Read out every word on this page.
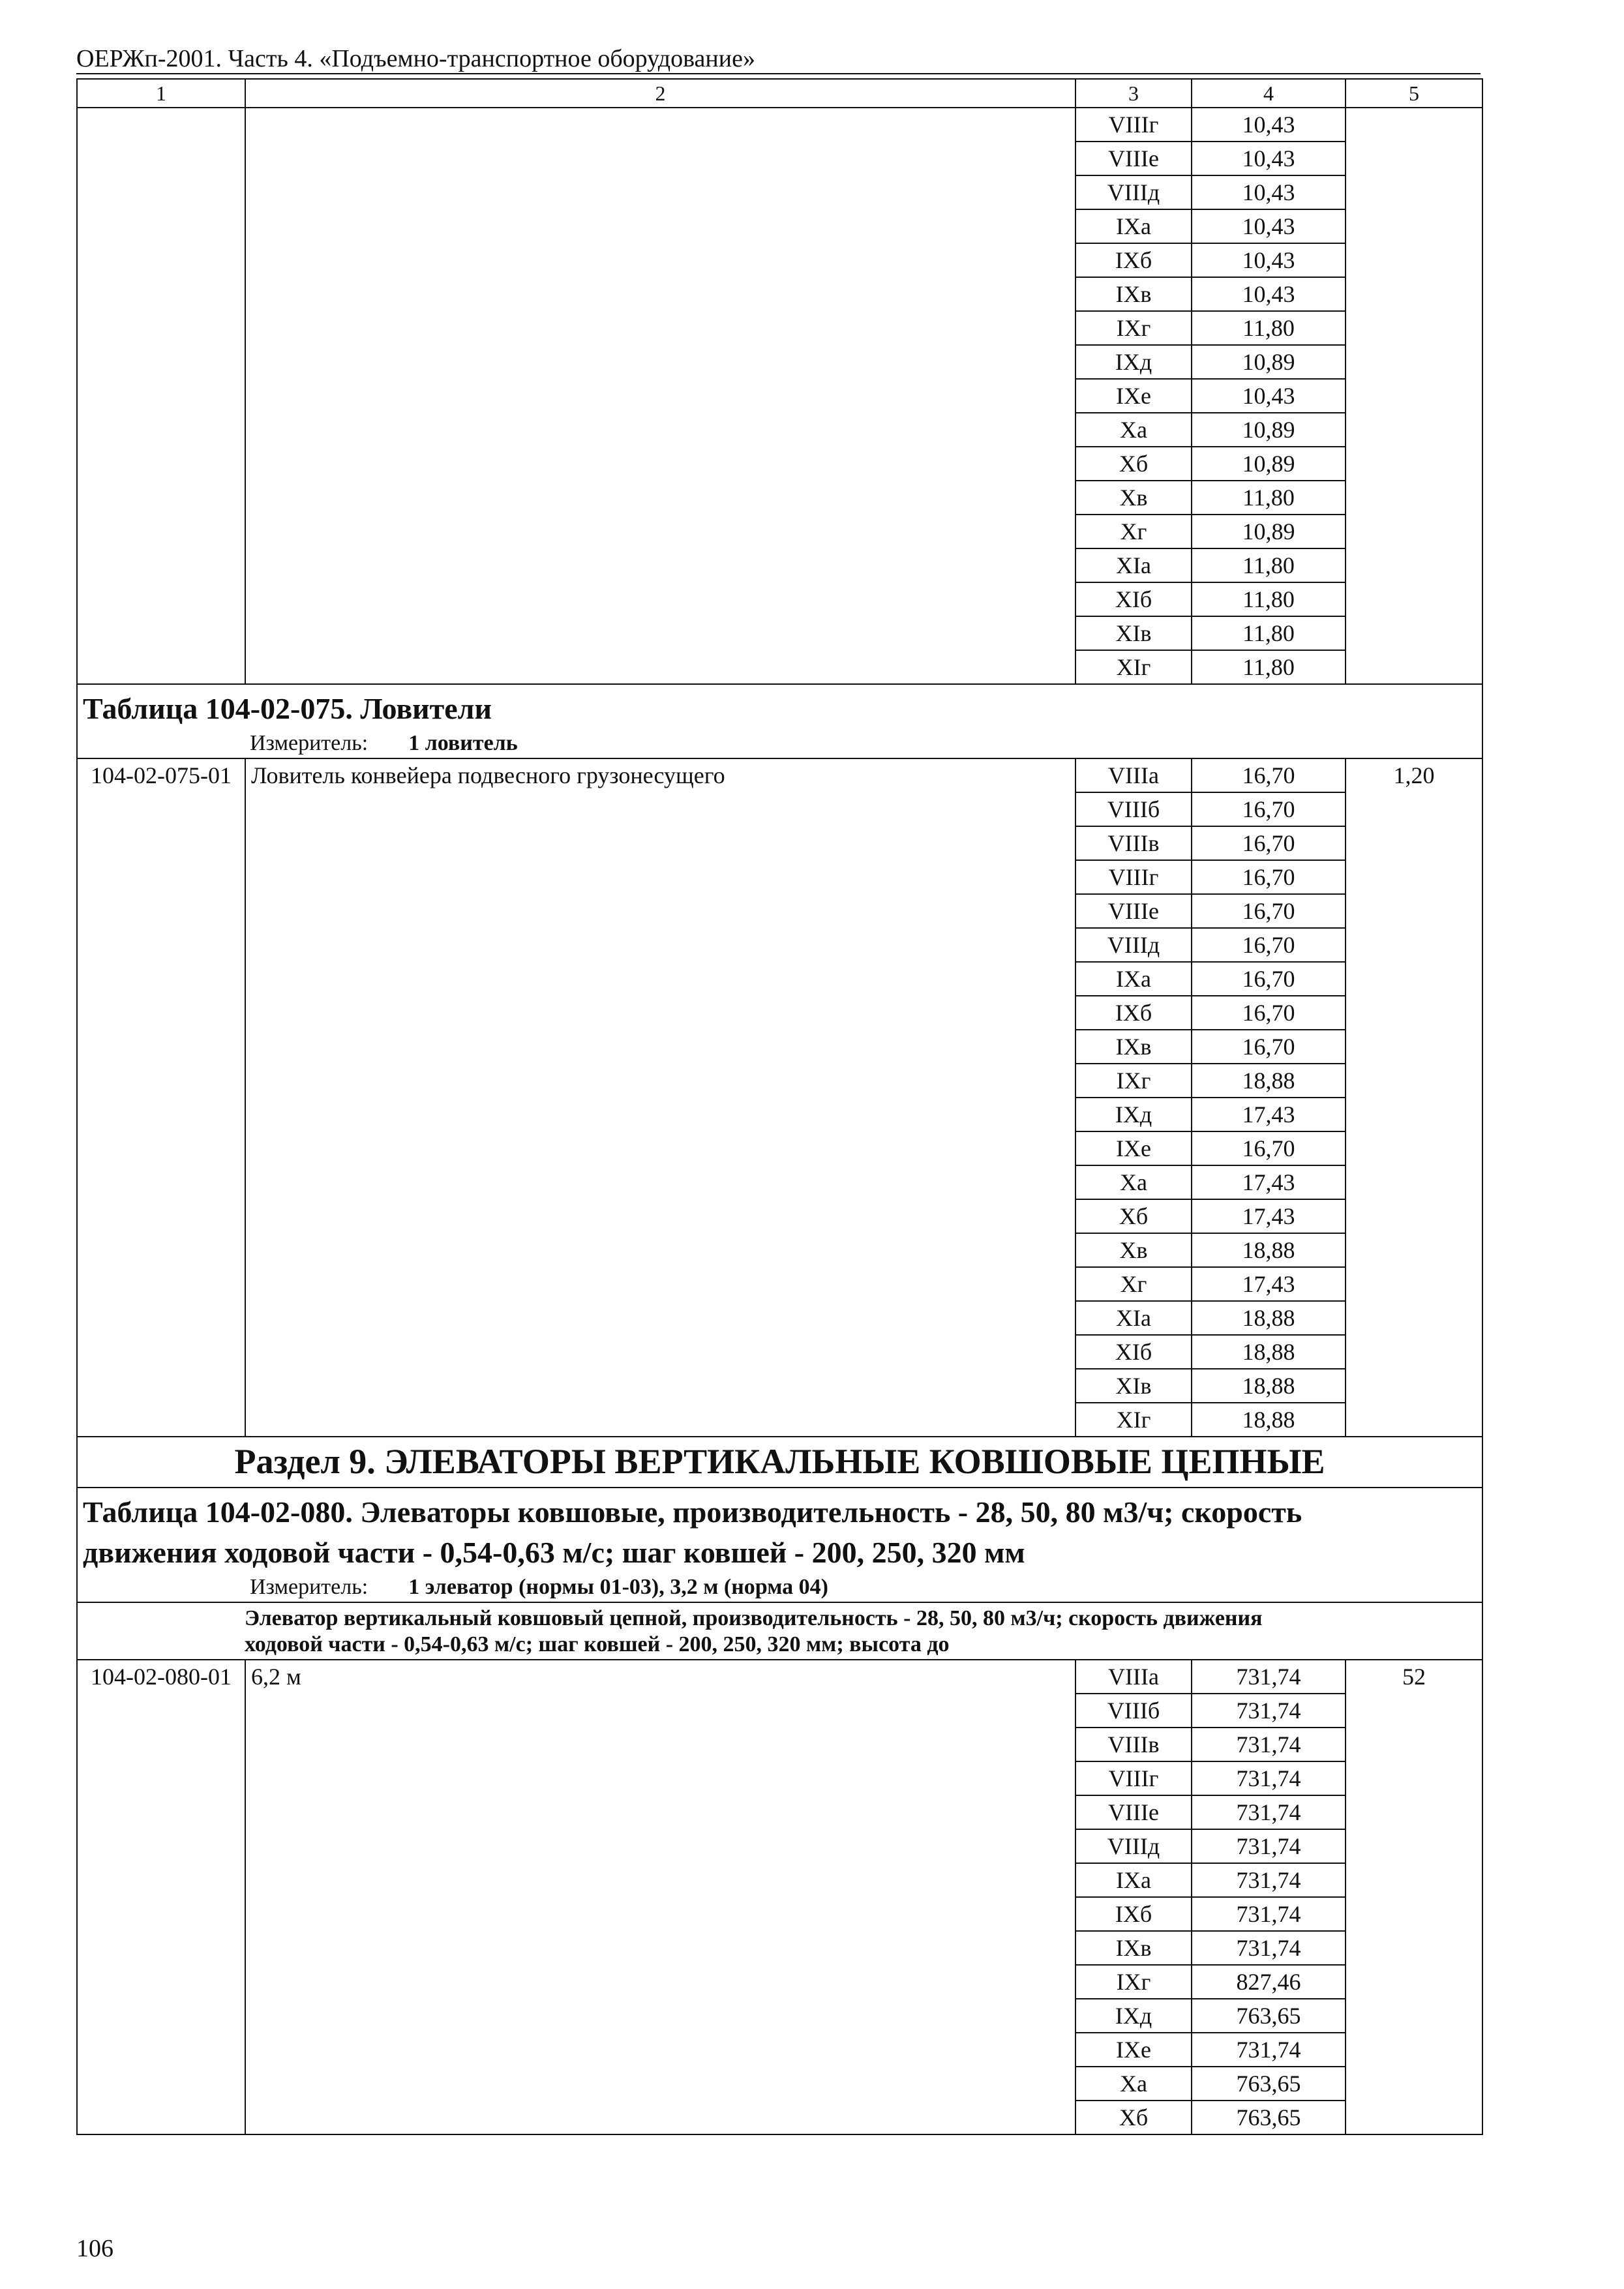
ОЕРЖп-2001. Часть 4. «Подъемно-транспортное оборудование»
1	2	3	4	5
		VIIIг	10,43	
		VIIIе	10,43	
		VIIIд	10,43	
		IXa	10,43	
		IXб	10,43	
		IXв	10,43	
		IXг	11,80	
		IXд	10,89	
		IXе	10,43	
		Xa	10,89	
		Xб	10,89	
		Xв	11,80	
		Xг	10,89	
		XIa	11,80	
		XIб	11,80	
		XIв	11,80	
		XIг	11,80	

Таблица 104-02-075. Ловители
Измеритель: 1 ловитель				

104-02-075-01	Ловитель конвейера подвесного грузонесущего	VIIIa	16,70	1,20
		VIIIб	16,70	
		VIIIв	16,70	
		VIIIг	16,70	
		VIIIе	16,70	
		VIIIд	16,70	
		IXa	16,70	
		IXб	16,70	
		IXв	16,70	
		IXг	18,88	
		IXд	17,43	
		IXе	16,70	
		Xa	17,43	
		Xб	17,43	
		Xв	18,88	
		Xг	17,43	
		XIa	18,88	
		XIб	18,88	
		XIв	18,88	
		XIг	18,88	

Раздел 9. ЭЛЕВАТОРЫ ВЕРТИКАЛЬНЫЕ КОВШОВЫЕ ЦЕПНЫЕ				

Таблица 104-02-080. Элеваторы ковшовые, производительность - 28, 50, 80 м3/ч; скорость
движения ходовой части - 0,54-0,63 м/с; шаг ковшей - 200, 250, 320 мм
Измеритель: 1 элеватор (нормы 01-03), 3,2 м (норма 04)				

Элеватор вертикальный ковшовый цепной, производительность - 28, 50, 80 м3/ч; скорость движения
ходовой части - 0,54-0,63 м/с; шаг ковшей - 200, 250, 320 мм; высота до				

104-02-080-01	6,2 м	VIIIa	731,74	52
		VIIIб	731,74	
		VIIIв	731,74	
		VIIIг	731,74	
		VIIIе	731,74	
		VIIIд	731,74	
		IXa	731,74	
		IXб	731,74	
		IXв	731,74	
		IXг	827,46	
		IXд	763,65	
		IXе	731,74	
		Xa	763,65	
		Xб	763,65	
106
